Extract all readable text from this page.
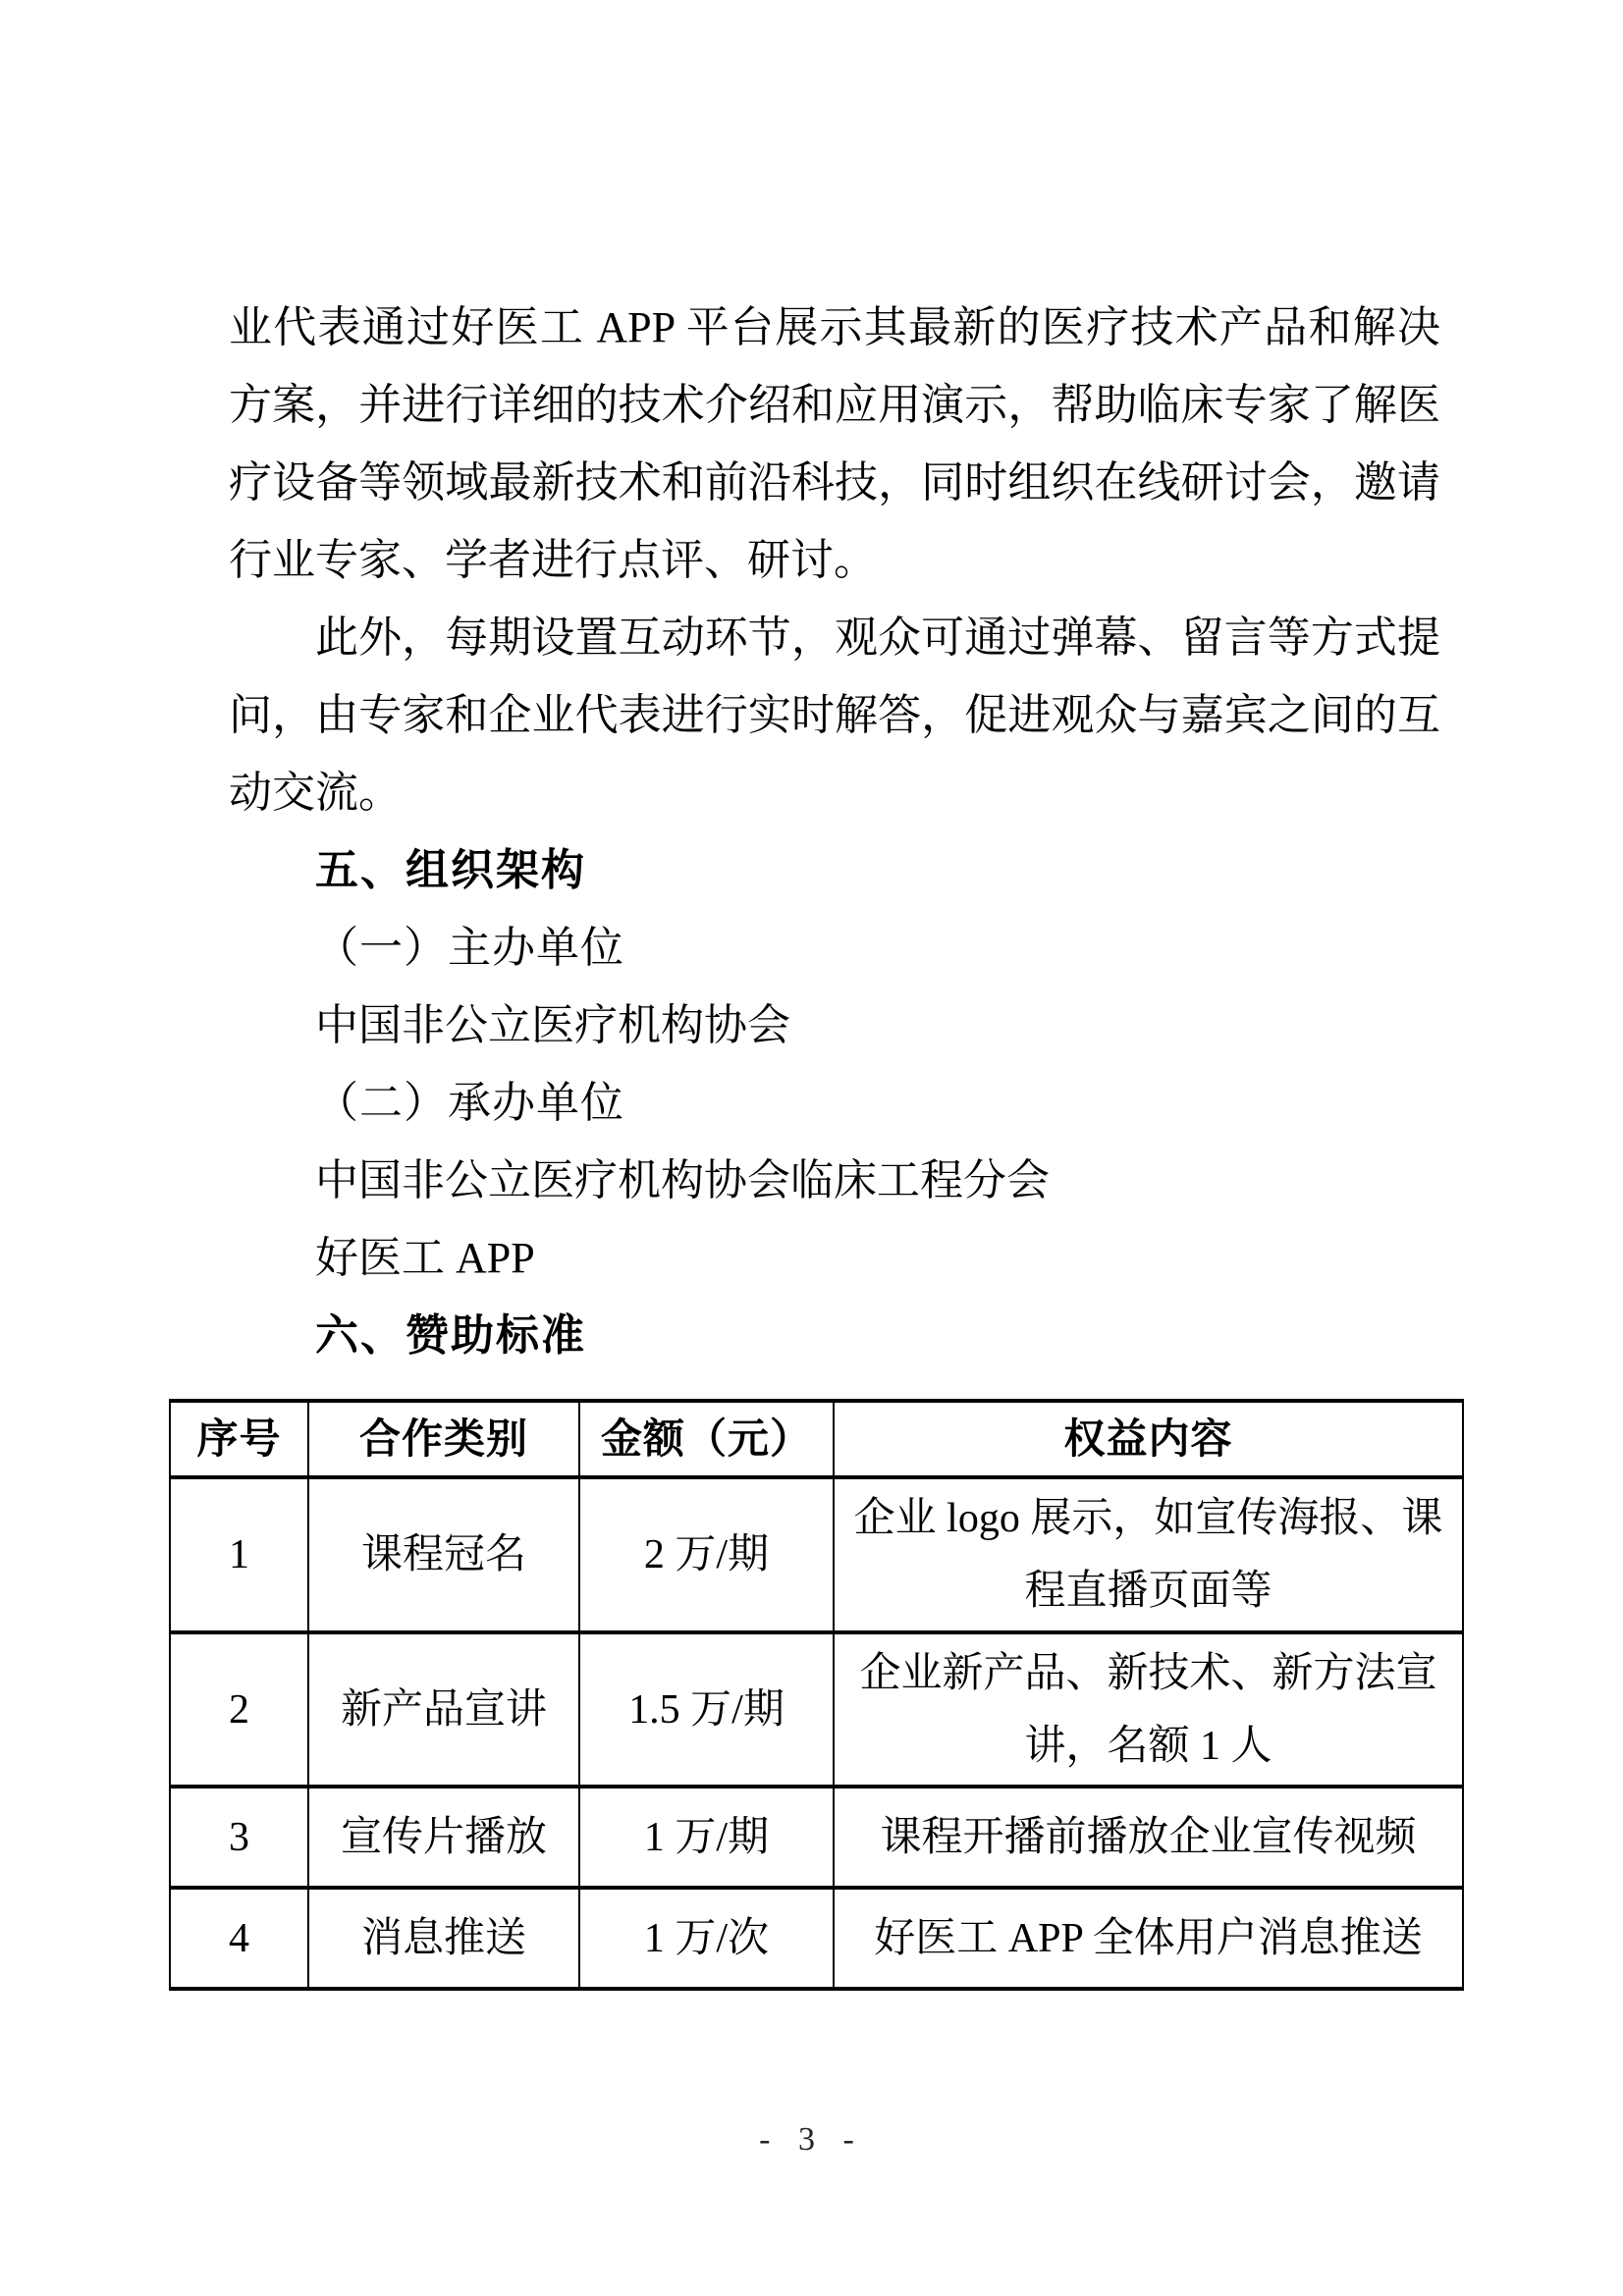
业代表通过好医工 APP 平台展示其最新的医疗技术产品和解决

方案，并进行详细的技术介绍和应用演示，帮助临床专家了解医

疗设备等领域最新技术和前沿科技，同时组织在线研讨会，邀请

行业专家、学者进行点评、研讨。

此外，每期设置互动环节，观众可通过弹幕、留言等方式提

问，由专家和企业代表进行实时解答，促进观众与嘉宾之间的互

动交流。

五、组织架构

（一）主办单位

中国非公立医疗机构协会

（二）承办单位

中国非公立医疗机构协会临床工程分会

好医工 APP

六、赞助标准

序号	合作类别	金额（元）	权益内容
1	课程冠名	2 万/期	企业 logo 展示，如宣传海报、课程直播页面等
2	新产品宣讲	1.5 万/期	企业新产品、新技术、新方法宣讲，名额 1 人
3	宣传片播放	1 万/期	课程开播前播放企业宣传视频
4	消息推送	1 万/次	好医工 APP 全体用户消息推送
- 3 -
